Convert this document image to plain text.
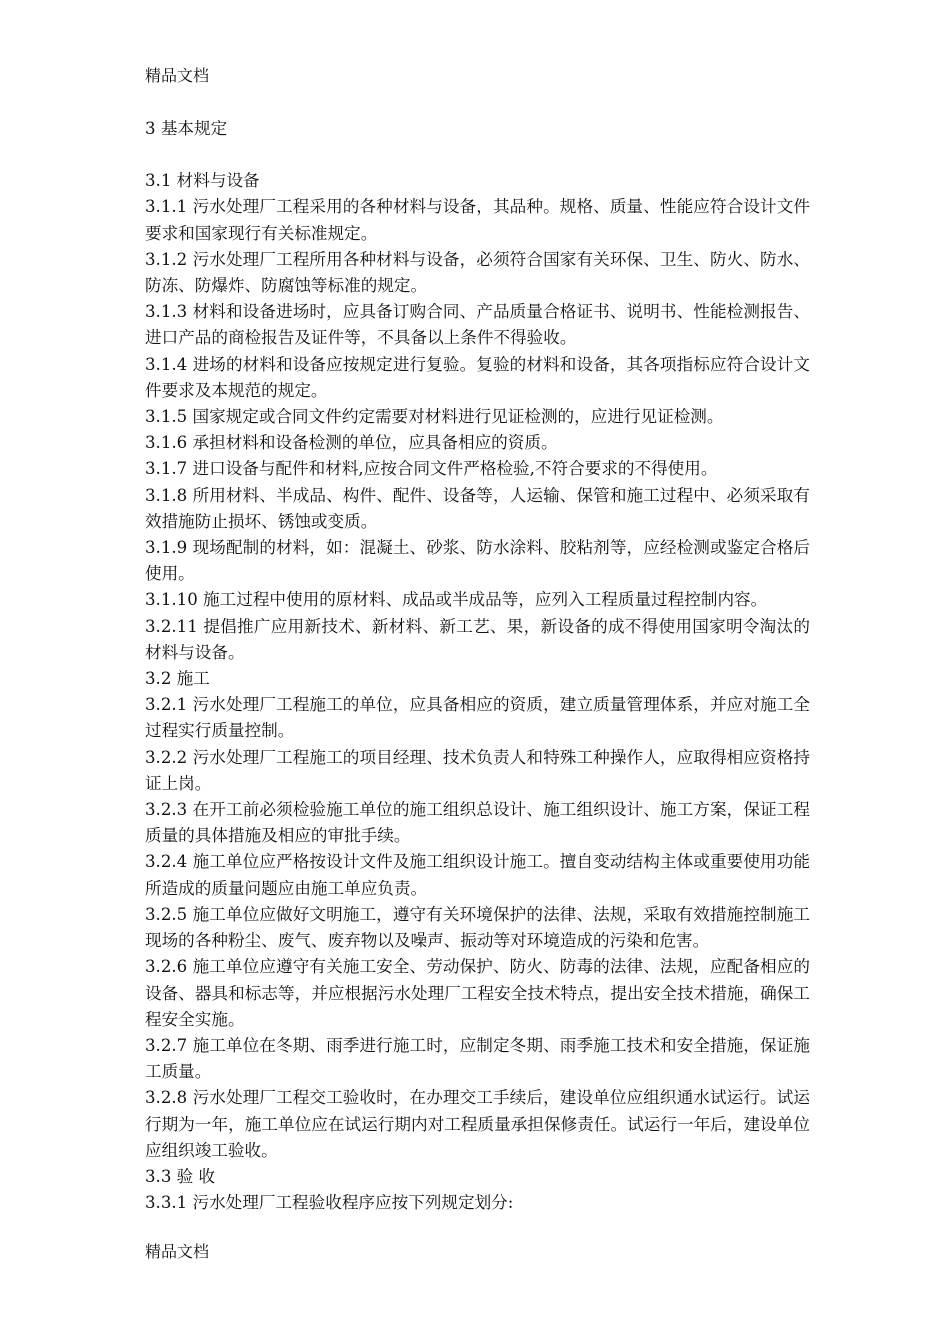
精品文档
3 基本规定

3.1 材料与设备

3.1.1 污水处理厂工程采用的各种材料与设备，其品种。规格、质量、性能应符合设计文件要求和国家现行有关标准规定。

3.1.2 污水处理厂工程所用各种材料与设备，必须符合国家有关环保、卫生、防火、防水、防冻、防爆炸、防腐蚀等标准的规定。

3.1.3 材料和设备进场时，应具备订购合同、产品质量合格证书、说明书、性能检测报告、进口产品的商检报告及证件等，不具备以上条件不得验收。

3.1.4 进场的材料和设备应按规定进行复验。复验的材料和设备，其各项指标应符合设计文件要求及本规范的规定。

3.1.5 国家规定或合同文件约定需要对材料进行见证检测的，应进行见证检测。

3.1.6 承担材料和设备检测的单位，应具备相应的资质。

3.1.7 进口设备与配件和材料,应按合同文件严格检验,不符合要求的不得使用。

3.1.8 所用材料、半成品、构件、配件、设备等，人运输、保管和施工过程中、必须采取有效措施防止损坏、锈蚀或变质。

3.1.9 现场配制的材料，如：混凝土、砂浆、防水涂料、胶粘剂等，应经检测或鉴定合格后使用。

3.1.10 施工过程中使用的原材料、成品或半成品等，应列入工程质量过程控制内容。

3.2.11 提倡推广应用新技术、新材料、新工艺、果，新设备的成不得使用国家明令淘汰的材料与设备。

3.2 施工

3.2.1 污水处理厂工程施工的单位，应具备相应的资质，建立质量管理体系，并应对施工全过程实行质量控制。

3.2.2 污水处理厂工程施工的项目经理、技术负责人和特殊工种操作人，应取得相应资格持证上岗。

3.2.3 在开工前必须检验施工单位的施工组织总设计、施工组织设计、施工方案，保证工程质量的具体措施及相应的审批手续。

3.2.4 施工单位应严格按设计文件及施工组织设计施工。擅自变动结构主体或重要使用功能所造成的质量问题应由施工单应负责。

3.2.5 施工单位应做好文明施工，遵守有关环境保护的法律、法规，采取有效措施控制施工现场的各种粉尘、废气、废弃物以及噪声、振动等对环境造成的污染和危害。

3.2.6 施工单位应遵守有关施工安全、劳动保护、防火、防毒的法律、法规，应配备相应的设备、器具和标志等，并应根据污水处理厂工程安全技术特点，提出安全技术措施，确保工程安全实施。

3.2.7 施工单位在冬期、雨季进行施工时，应制定冬期、雨季施工技术和安全措施，保证施工质量。

3.2.8 污水处理厂工程交工验收时，在办理交工手续后，建设单位应组织通水试运行。试运行期为一年，施工单位应在试运行期内对工程质量承担保修责任。试运行一年后，建设单位应组织竣工验收。

3.3 验 收

3.3.1 污水处理厂工程验收程序应按下列规定划分:

精品文档
